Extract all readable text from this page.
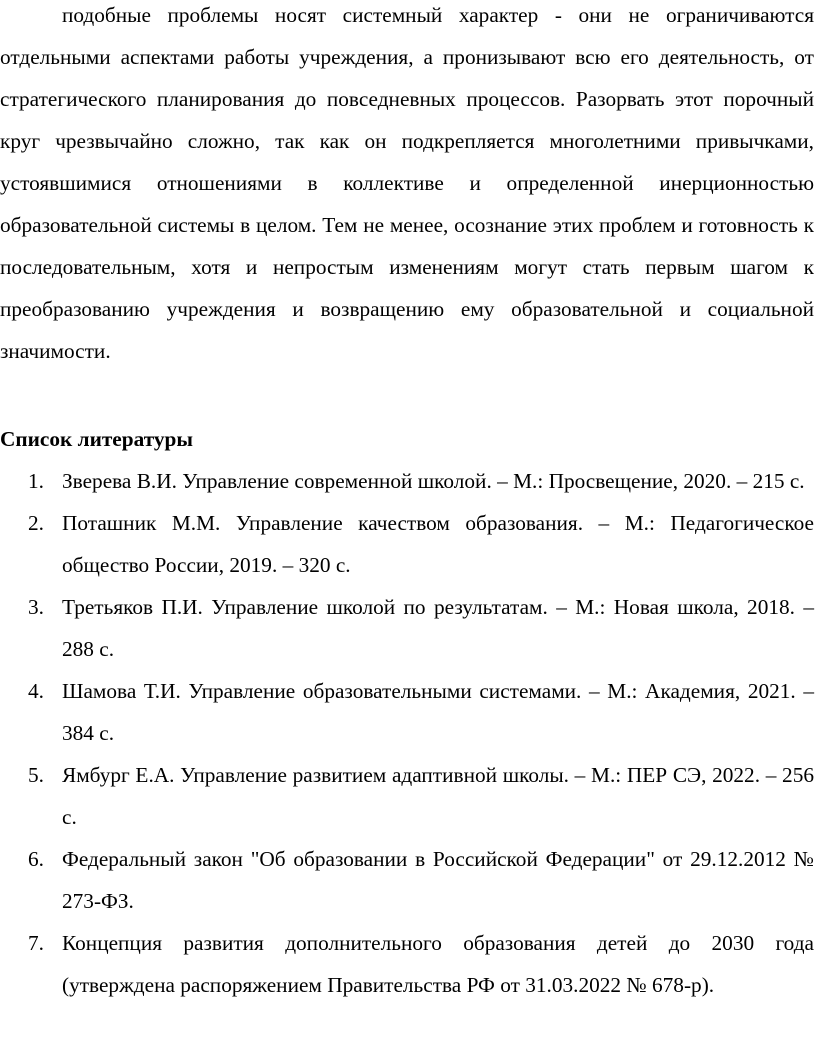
подобные проблемы носят системный характер - они не ограничиваются отдельными аспектами работы учреждения, а пронизывают всю его деятельность, от стратегического планирования до повседневных процессов. Разорвать этот порочный круг чрезвычайно сложно, так как он подкрепляется многолетними привычками, устоявшимися отношениями в коллективе и определенной инерционностью образовательной системы в целом. Тем не менее, осознание этих проблем и готовность к последовательным, хотя и непростым изменениям могут стать первым шагом к преобразованию учреждения и возвращению ему образовательной и социальной значимости.

Список литературы
1. Зверева В.И. Управление современной школой. – М.: Просвещение, 2020. – 215 с.
2. Поташник М.М. Управление качеством образования. – М.: Педагогическое общество России, 2019. – 320 с.
3. Третьяков П.И. Управление школой по результатам. – М.: Новая школа, 2018. – 288 с.
4. Шамова Т.И. Управление образовательными системами. – М.: Академия, 2021. – 384 с.
5. Ямбург Е.А. Управление развитием адаптивной школы. – М.: ПЕР СЭ, 2022. – 256 с.
6. Федеральный закон "Об образовании в Российской Федерации" от 29.12.2012 № 273-ФЗ.
7. Концепция развития дополнительного образования детей до 2030 года (утверждена распоряжением Правительства РФ от 31.03.2022 № 678-р).
